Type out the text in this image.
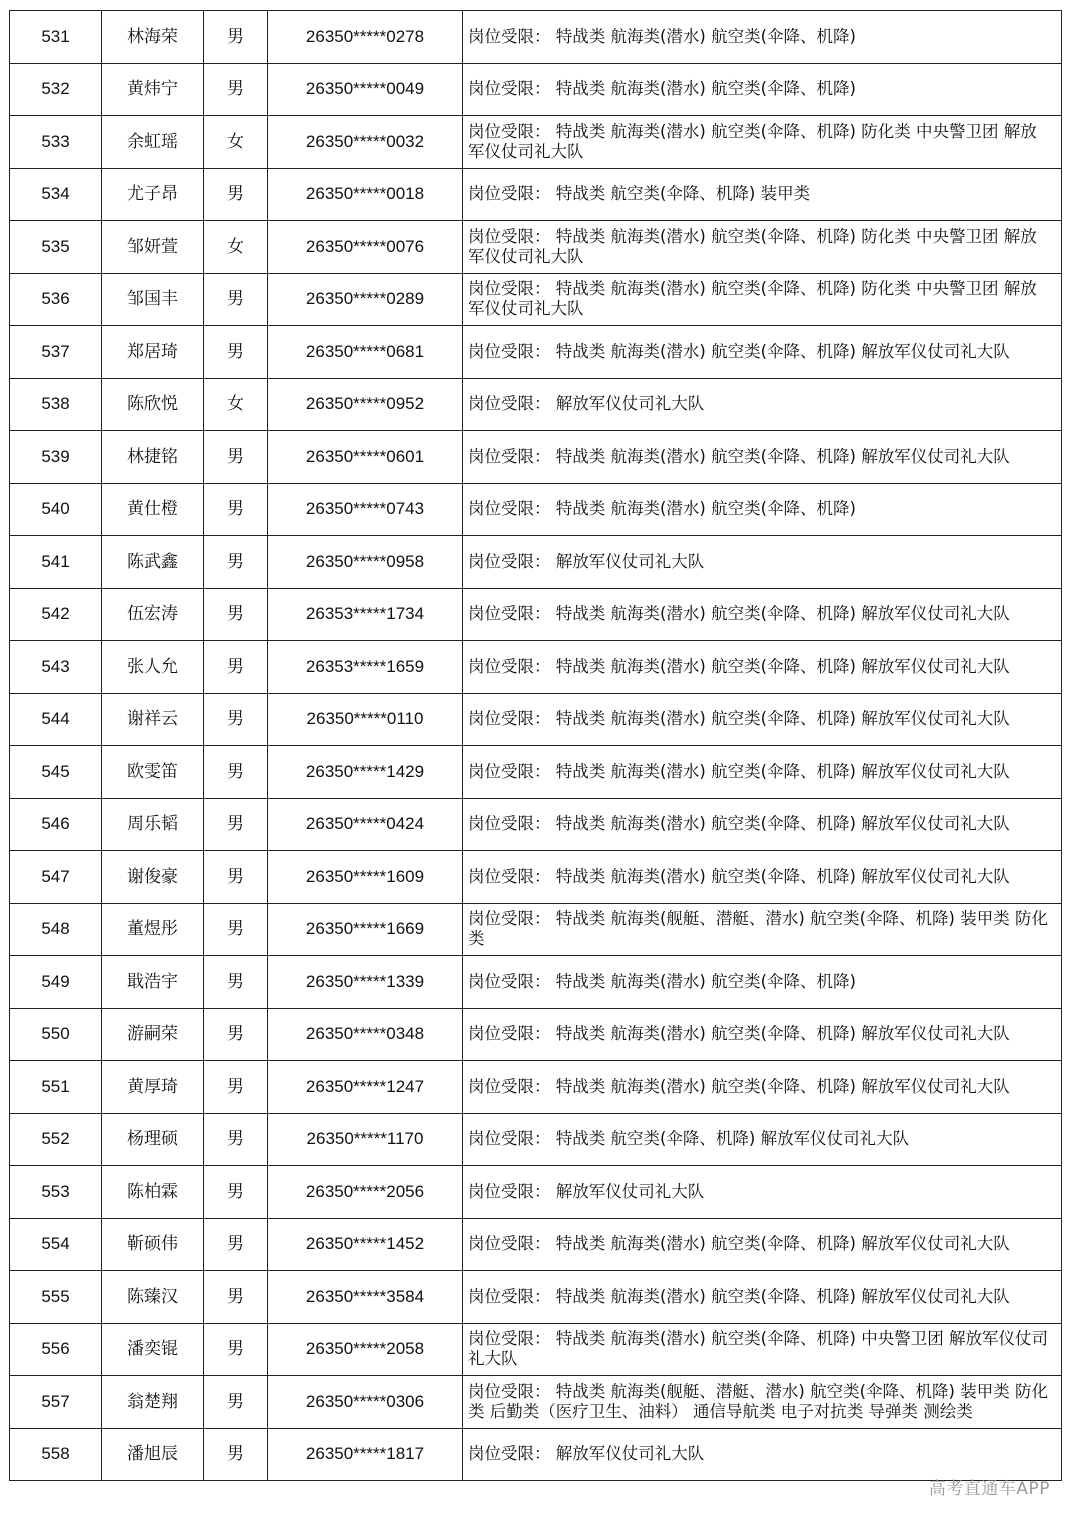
531	林海荣	男	26350*****0278	岗位受限： 特战类 航海类(潜水) 航空类(伞降、机降)
532	黄炜宁	男	26350*****0049	岗位受限： 特战类 航海类(潜水) 航空类(伞降、机降)
533	余虹瑶	女	26350*****0032	岗位受限： 特战类 航海类(潜水) 航空类(伞降、机降) 防化类 中央警卫团 解放军仪仗司礼大队
534	尤子昂	男	26350*****0018	岗位受限： 特战类 航空类(伞降、机降) 装甲类
535	邹妍萱	女	26350*****0076	岗位受限： 特战类 航海类(潜水) 航空类(伞降、机降) 防化类 中央警卫团 解放军仪仗司礼大队
536	邹国丰	男	26350*****0289	岗位受限： 特战类 航海类(潜水) 航空类(伞降、机降) 防化类 中央警卫团 解放军仪仗司礼大队
537	郑居琦	男	26350*****0681	岗位受限： 特战类 航海类(潜水) 航空类(伞降、机降) 解放军仪仗司礼大队
538	陈欣悦	女	26350*****0952	岗位受限： 解放军仪仗司礼大队
539	林捷铭	男	26350*****0601	岗位受限： 特战类 航海类(潜水) 航空类(伞降、机降) 解放军仪仗司礼大队
540	黄仕橙	男	26350*****0743	岗位受限： 特战类 航海类(潜水) 航空类(伞降、机降)
541	陈武鑫	男	26350*****0958	岗位受限： 解放军仪仗司礼大队
542	伍宏涛	男	26353*****1734	岗位受限： 特战类 航海类(潜水) 航空类(伞降、机降) 解放军仪仗司礼大队
543	张人允	男	26353*****1659	岗位受限： 特战类 航海类(潜水) 航空类(伞降、机降) 解放军仪仗司礼大队
544	谢祥云	男	26350*****0110	岗位受限： 特战类 航海类(潜水) 航空类(伞降、机降) 解放军仪仗司礼大队
545	欧雯笛	男	26350*****1429	岗位受限： 特战类 航海类(潜水) 航空类(伞降、机降) 解放军仪仗司礼大队
546	周乐韬	男	26350*****0424	岗位受限： 特战类 航海类(潜水) 航空类(伞降、机降) 解放军仪仗司礼大队
547	谢俊豪	男	26350*****1609	岗位受限： 特战类 航海类(潜水) 航空类(伞降、机降) 解放军仪仗司礼大队
548	董煜彤	男	26350*****1669	岗位受限： 特战类 航海类(舰艇、潜艇、潜水) 航空类(伞降、机降) 装甲类 防化类
549	戢浩宇	男	26350*****1339	岗位受限： 特战类 航海类(潜水) 航空类(伞降、机降)
550	游嗣荣	男	26350*****0348	岗位受限： 特战类 航海类(潜水) 航空类(伞降、机降) 解放军仪仗司礼大队
551	黄厚琦	男	26350*****1247	岗位受限： 特战类 航海类(潜水) 航空类(伞降、机降) 解放军仪仗司礼大队
552	杨理硕	男	26350*****1170	岗位受限： 特战类 航空类(伞降、机降) 解放军仪仗司礼大队
553	陈柏霖	男	26350*****2056	岗位受限： 解放军仪仗司礼大队
554	靳硕伟	男	26350*****1452	岗位受限： 特战类 航海类(潜水) 航空类(伞降、机降) 解放军仪仗司礼大队
555	陈臻汉	男	26350*****3584	岗位受限： 特战类 航海类(潜水) 航空类(伞降、机降) 解放军仪仗司礼大队
556	潘奕锟	男	26350*****2058	岗位受限： 特战类 航海类(潜水) 航空类(伞降、机降) 中央警卫团 解放军仪仗司礼大队
557	翁楚翔	男	26350*****0306	岗位受限： 特战类 航海类(舰艇、潜艇、潜水) 航空类(伞降、机降) 装甲类 防化类 后勤类（医疗卫生、油料） 通信导航类 电子对抗类 导弹类 测绘类
558	潘旭辰	男	26350*****1817	岗位受限： 解放军仪仗司礼大队
高考直通车APP
